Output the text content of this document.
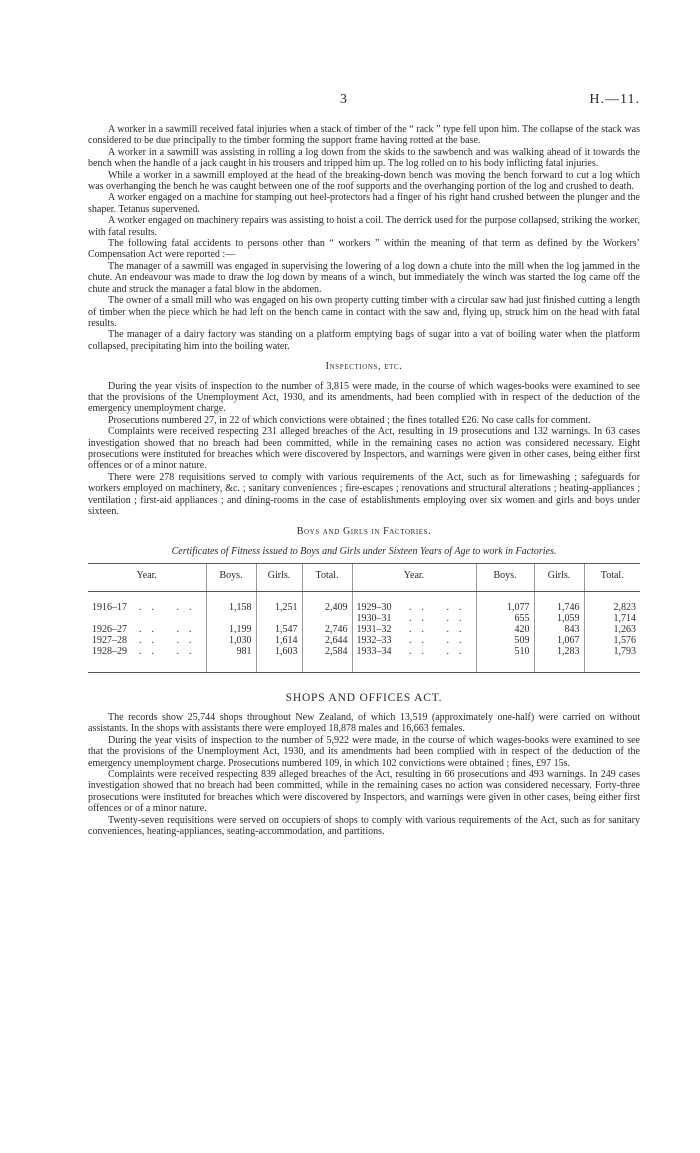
3	H.—11.

A worker in a sawmill received fatal injuries when a stack of timber of the “ rack ” type fell upon him. The collapse of the stack was considered to be due principally to the timber forming the support frame having rotted at the base.

A worker in a sawmill was assisting in rolling a log down from the skids to the sawbench and was walking ahead of it towards the bench when the handle of a jack caught in his trousers and tripped him up. The log rolled on to his body inflicting fatal injuries.

While a worker in a sawmill employed at the head of the breaking-down bench was moving the bench forward to cut a log which was overhanging the bench he was caught between one of the roof supports and the overhanging portion of the log and crushed to death.

A worker engaged on a machine for stamping out heel-protectors had a finger of his right hand crushed between the plunger and the shaper. Tetanus supervened.

A worker engaged on machinery repairs was assisting to hoist a coil. The derrick used for the purpose collapsed, striking the worker, with fatal results.

The following fatal accidents to persons other than “ workers ” within the meaning of that term as defined by the Workers’ Compensation Act were reported :—

The manager of a sawmill was engaged in supervising the lowering of a log down a chute into the mill when the log jammed in the chute. An endeavour was made to draw the log down by means of a winch, but immediately the winch was started the log came off the chute and struck the manager a fatal blow in the abdomen.

The owner of a small mill who was engaged on his own property cutting timber with a circular saw had just finished cutting a length of timber when the piece which he had left on the bench came in contact with the saw and, flying up, struck him on the head with fatal results.

The manager of a dairy factory was standing on a platform emptying bags of sugar into a vat of boiling water when the platform collapsed, precipitating him into the boiling water.

Inspections, etc.

During the year visits of inspection to the number of 3,815 were made, in the course of which wages-books were examined to see that the provisions of the Unemployment Act, 1930, and its amendments, had been complied with in respect of the deduction of the emergency unemployment charge.

Prosecutions numbered 27, in 22 of which convictions were obtained ; the fines totalled £26. No case calls for comment.

Complaints were received respecting 231 alleged breaches of the Act, resulting in 19 prosecutions and 132 warnings. In 63 cases investigation showed that no breach had been committed, while in the remaining cases no action was considered necessary. Eight prosecutions were instituted for breaches which were discovered by Inspectors, and warnings were given in other cases, being either first offences or of a minor nature.

There were 278 requisitions served to comply with various requirements of the Act, such as for limewashing ; safeguards for workers employed on machinery, &c. ; sanitary conveniences ; fire-escapes ; renovations and structural alterations ; heating-appliances ; ventilation ; first-aid appliances ; and dining-rooms in the case of establishments employing over six women and girls and boys under sixteen.

Boys and Girls in Factories.
Certificates of Fitness issued to Boys and Girls under Sixteen Years of Age to work in Factories.
Year.	Boys.	Girls.	Total.	Year.	Boys.	Girls.	Total.
1916–17 .. ..	1,158	1,251	2,409	1929–30 .. ..	1,077	1,746	2,823
				1930–31 .. ..	655	1,059	1,714
1926–27 .. ..	1,199	1,547	2,746	1931–32 .. ..	420	843	1,263
1927–28 .. ..	1,030	1,614	2,644	1932–33 .. ..	509	1,067	1,576
1928–29 .. ..	981	1,603	2,584	1933–34 .. ..	510	1,283	1,793
SHOPS AND OFFICES ACT.

The records show 25,744 shops throughout New Zealand, of which 13,519 (approximately one-half) were carried on without assistants. In the shops with assistants there were employed 18,878 males and 16,663 females.

During the year visits of inspection to the number of 5,922 were made, in the course of which wages-books were examined to see that the provisions of the Unemployment Act, 1930, and its amendments had been complied with in respect of the deduction of the emergency unemployment charge. Prosecutions numbered 109, in which 102 convictions were obtained ; fines, £97 15s.

Complaints were received respecting 839 alleged breaches of the Act, resulting in 66 prosecutions and 493 warnings. In 249 cases investigation showed that no breach had been committed, while in the remaining cases no action was considered necessary. Forty-three prosecutions were instituted for breaches which were discovered by Inspectors, and warnings were given in other cases, being either first offences or of a minor nature.

Twenty-seven requisitions were served on occupiers of shops to comply with various requirements of the Act, such as for sanitary conveniences, heating-appliances, seating-accommodation, and partitions.
